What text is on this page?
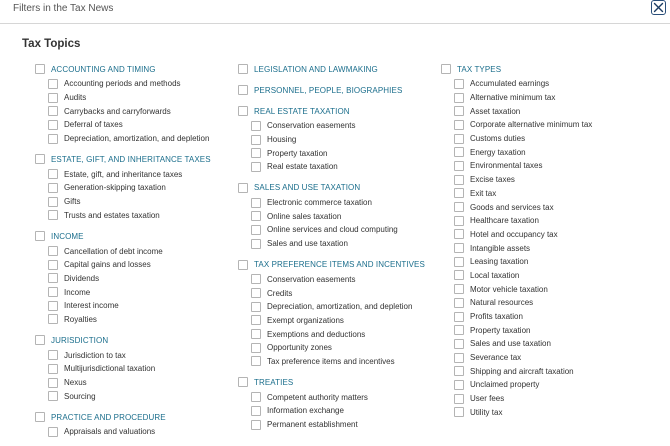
Filters in the Tax News
Tax Topics
ACCOUNTING AND TIMING
Accounting periods and methods
Audits
Carrybacks and carryforwards
Deferral of taxes
Depreciation, amortization, and depletion
ESTATE, GIFT, AND INHERITANCE TAXES
Estate, gift, and inheritance taxes
Generation-skipping taxation
Gifts
Trusts and estates taxation
INCOME
Cancellation of debt income
Capital gains and losses
Dividends
Income
Interest income
Royalties
JURISDICTION
Jurisdiction to tax
Multijurisdictional taxation
Nexus
Sourcing
PRACTICE AND PROCEDURE
Appraisals and valuations
LEGISLATION AND LAWMAKING
PERSONNEL, PEOPLE, BIOGRAPHIES
REAL ESTATE TAXATION
Conservation easements
Housing
Property taxation
Real estate taxation
SALES AND USE TAXATION
Electronic commerce taxation
Online sales taxation
Online services and cloud computing
Sales and use taxation
TAX PREFERENCE ITEMS AND INCENTIVES
Conservation easements
Credits
Depreciation, amortization, and depletion
Exempt organizations
Exemptions and deductions
Opportunity zones
Tax preference items and incentives
TREATIES
Competent authority matters
Information exchange
Permanent establishment
TAX TYPES
Accumulated earnings
Alternative minimum tax
Asset taxation
Corporate alternative minimum tax
Customs duties
Energy taxation
Environmental taxes
Excise taxes
Exit tax
Goods and services tax
Healthcare taxation
Hotel and occupancy tax
Intangible assets
Leasing taxation
Local taxation
Motor vehicle taxation
Natural resources
Profits taxation
Property taxation
Sales and use taxation
Severance tax
Shipping and aircraft taxation
Unclaimed property
User fees
Utility tax
